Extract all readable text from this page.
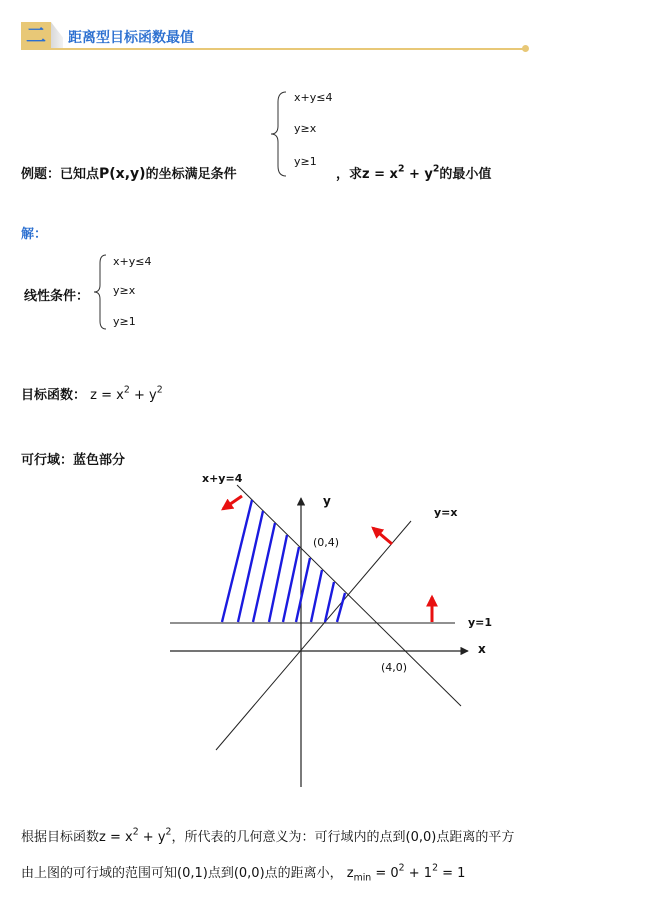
二	距离型目标函数最值
例题：已知点P(x,y)的坐标满足条件
x+y≤4
y≥x
y≥1
，求$z = x^2 + y^2$的最小值
解：
线性条件：
x+y≤4
y≥x
y≥1
目标函数： $z = x^2 + y^2$
可行域：蓝色部分
x+y=4
y=x
y=1
x
y
(0,4)
(4,0)
根据目标函数$z = x^2 + y^2$，所代表的几何意义为：可行域内的点到(0,0)点距离的平方
由上图的可行域的范围可知(0,1)点到(0,0)点的距离小， $z_{min} = 0^2 + 1^2 = 1$
